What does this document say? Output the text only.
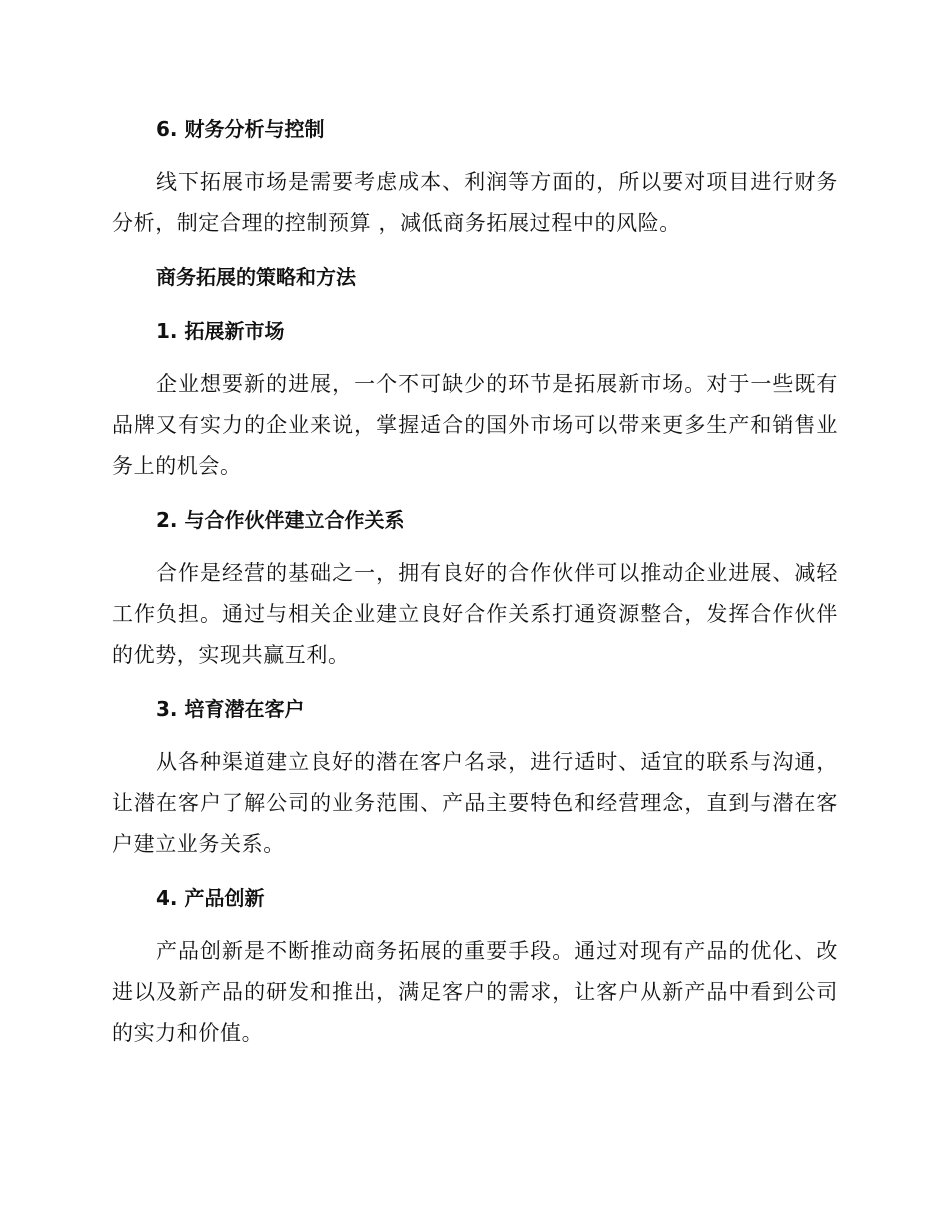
6. 财务分析与控制

线下拓展市场是需要考虑成本、利润等方面的，所以要对项目进行财务分析，制定合理的控制预算 ，减低商务拓展过程中的风险。

商务拓展的策略和方法
1. 拓展新市场

企业想要新的进展，一个不可缺少的环节是拓展新市场。对于一些既有品牌又有实力的企业来说，掌握适合的国外市场可以带来更多生产和销售业务上的机会。

2. 与合作伙伴建立合作关系

合作是经营的基础之一，拥有良好的合作伙伴可以推动企业进展、减轻工作负担。通过与相关企业建立良好合作关系打通资源整合，发挥合作伙伴的优势，实现共赢互利。

3. 培育潜在客户

从各种渠道建立良好的潜在客户名录，进行适时、适宜的联系与沟通，让潜在客户了解公司的业务范围、产品主要特色和经营理念，直到与潜在客户建立业务关系。

4. 产品创新

产品创新是不断推动商务拓展的重要手段。通过对现有产品的优化、改进以及新产品的研发和推出，满足客户的需求，让客户从新产品中看到公司的实力和价值。
